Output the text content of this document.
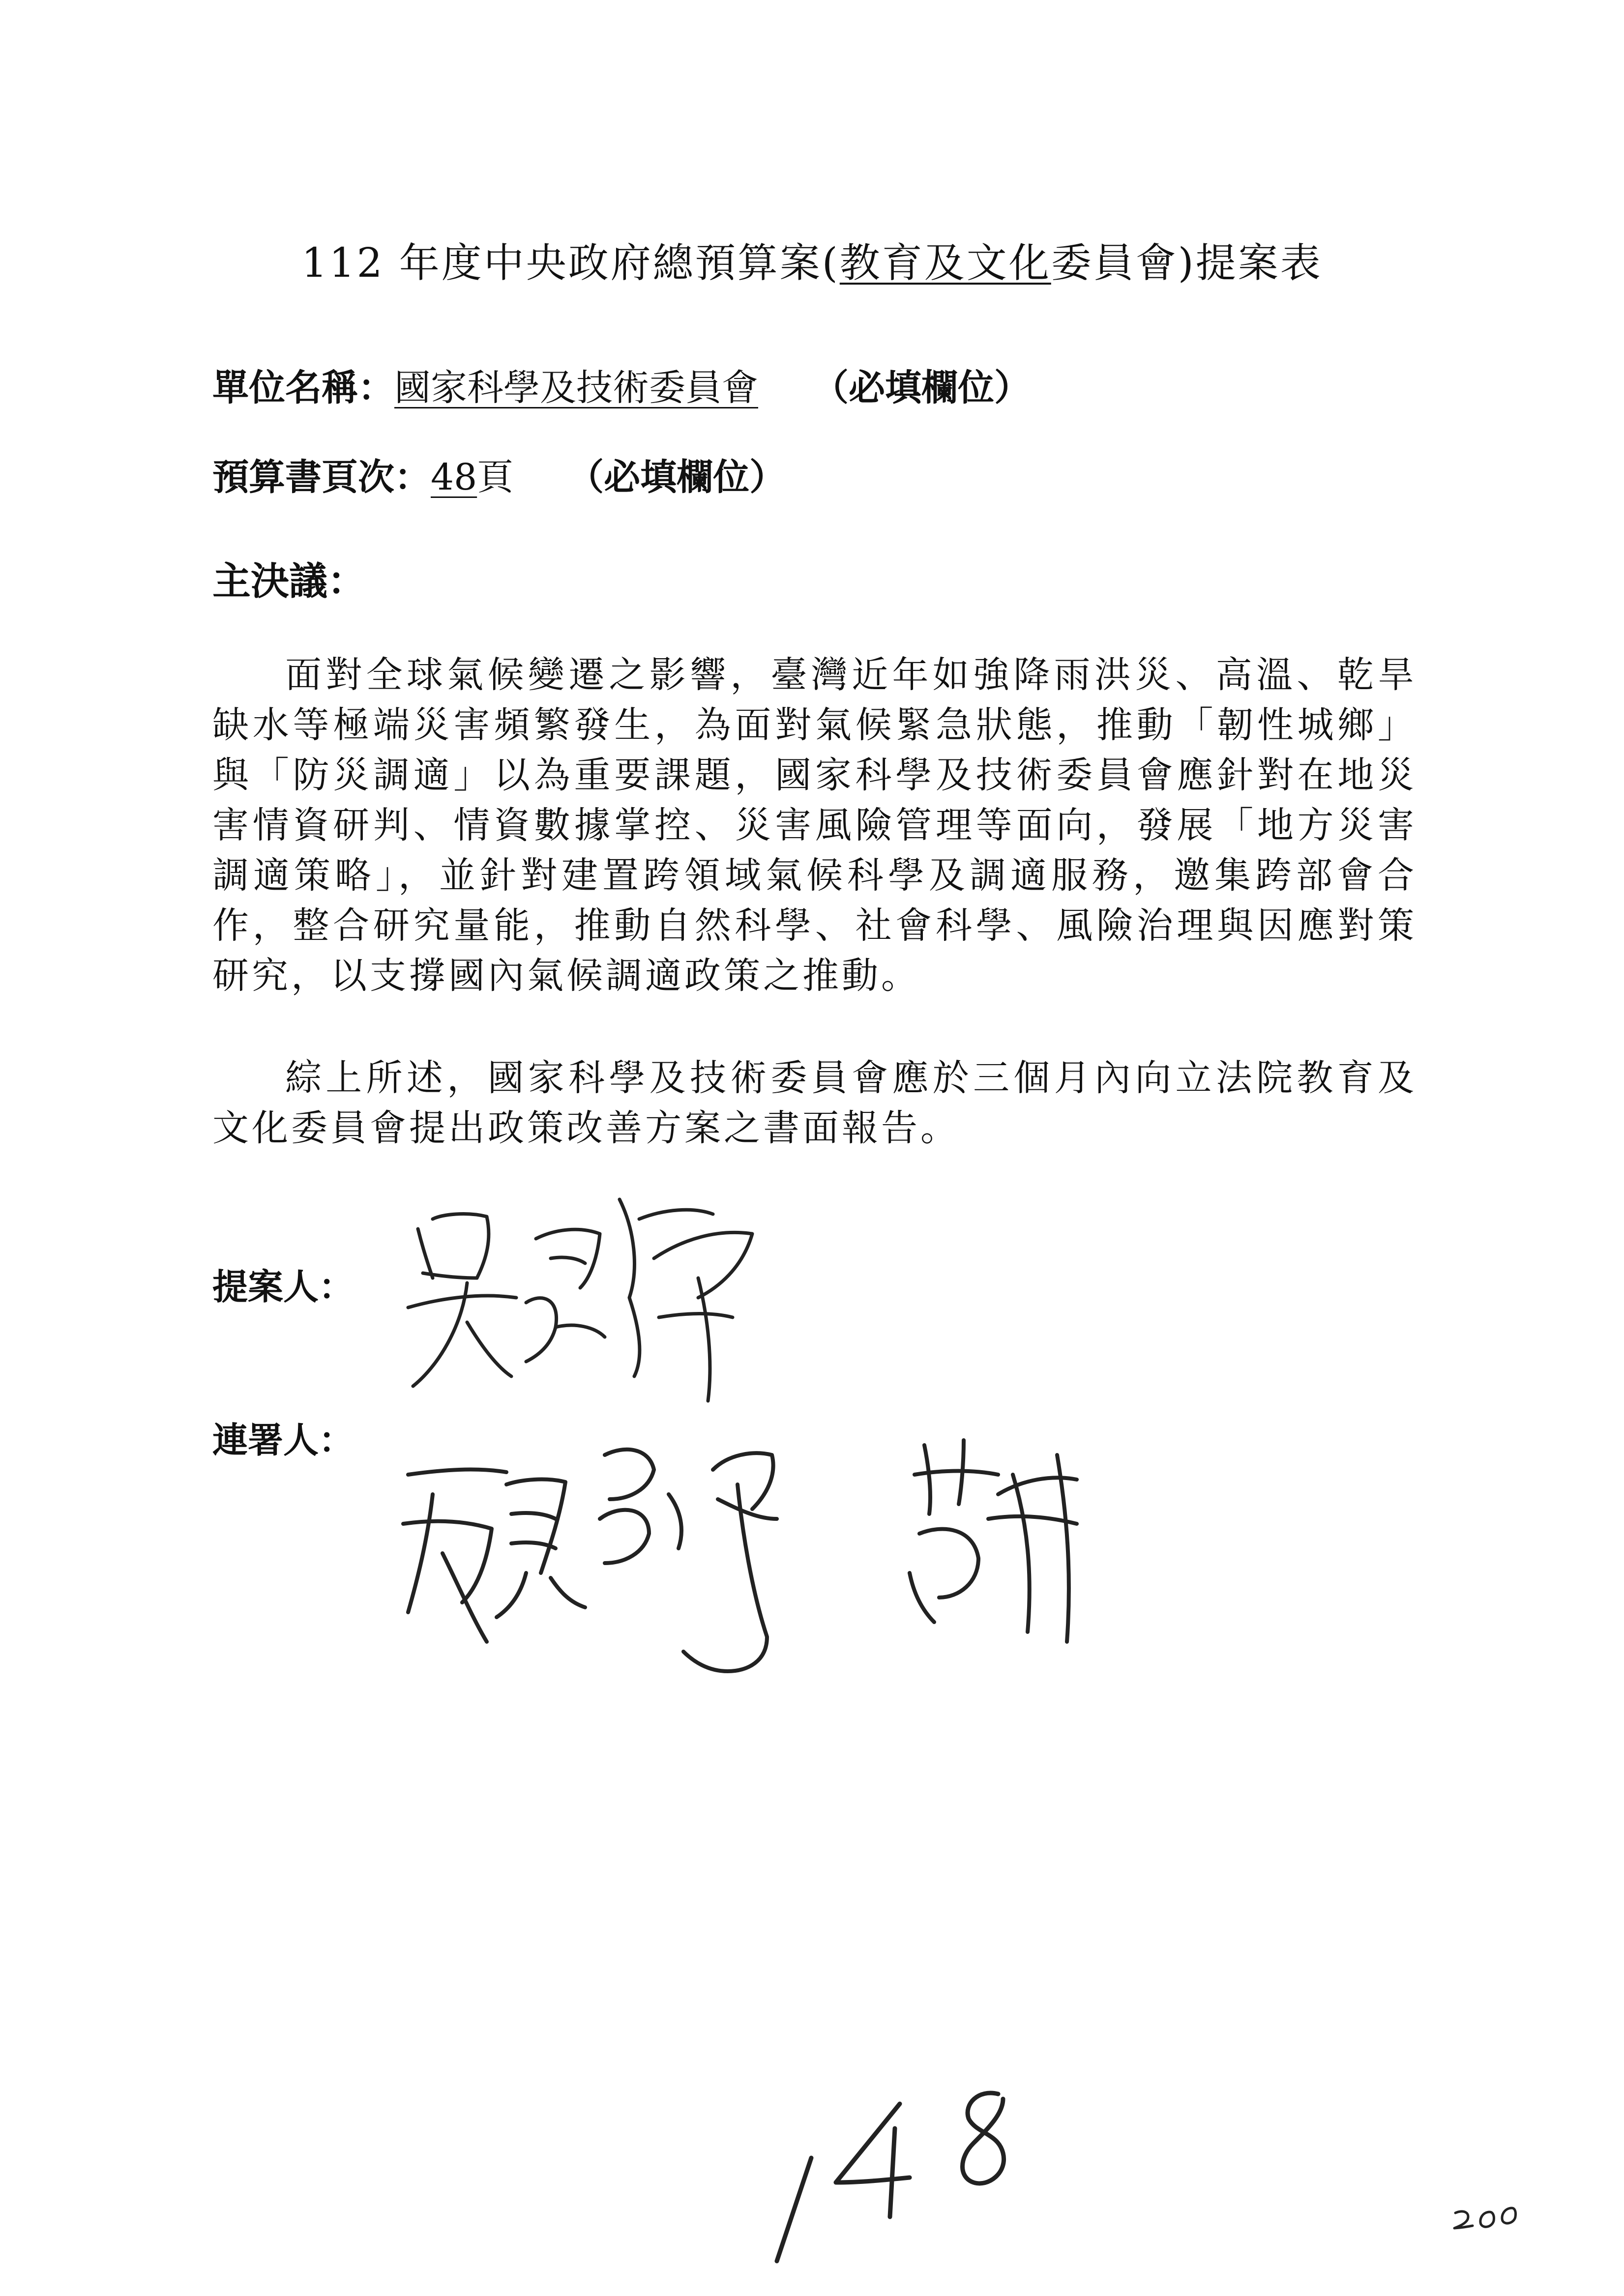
112 年度中央政府總預算案(教育及文化委員會)提案表
單位名稱：國家科學及技術委員會 （必填欄位）
預算書頁次：48頁 （必填欄位）
主決議：
面對全球氣候變遷之影響，臺灣近年如強降雨洪災、高溫、乾旱缺水等極端災害頻繁發生，為面對氣候緊急狀態，推動「韌性城鄉」與「防災調適」以為重要課題，國家科學及技術委員會應針對在地災害情資研判、情資數據掌控、災害風險管理等面向，發展「地方災害調適策略」，並針對建置跨領域氣候科學及調適服務，邀集跨部會合作，整合研究量能，推動自然科學、社會科學、風險治理與因應對策研究，以支撐國內氣候調適政策之推動。
綜上所述，國家科學及技術委員會應於三個月內向立法院教育及文化委員會提出政策改善方案之書面報告。
提案人：
連署人：
